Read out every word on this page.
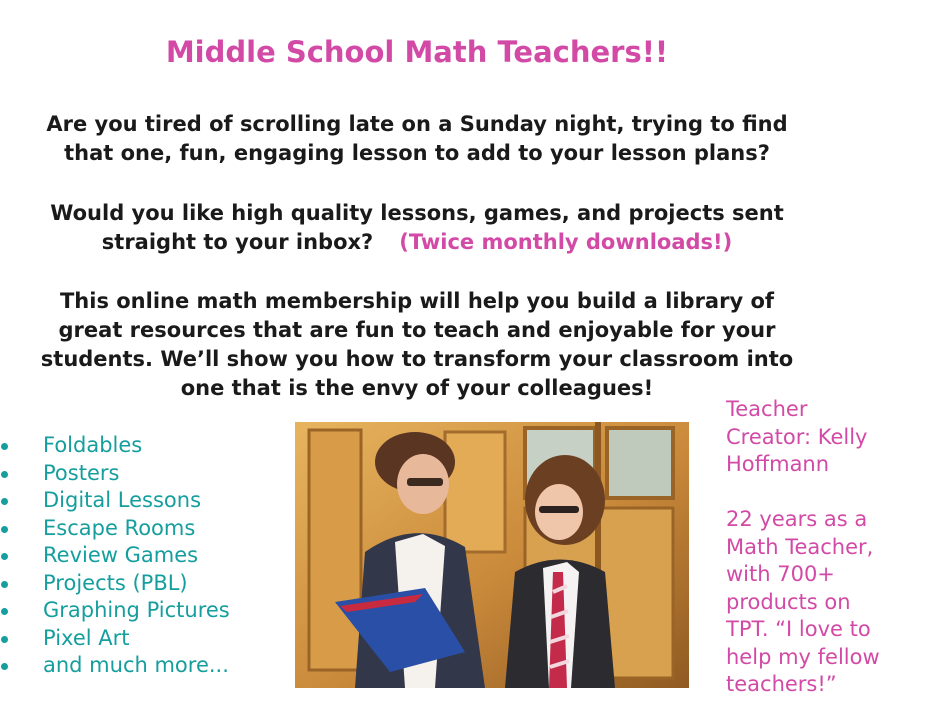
Middle School Math Teachers!!
Are you tired of scrolling late on a Sunday night, trying to find
that one, fun, engaging lesson to add to your lesson plans?
Would you like high quality lessons, games, and projects sent
straight to your inbox? (Twice monthly downloads!)
This online math membership will help you build a library of
great resources that are fun to teach and enjoyable for your
students. We’ll show you how to transform your classroom into
one that is the envy of your colleagues!
Foldables
Posters
Digital Lessons
Escape Rooms
Review Games
Projects (PBL)
Graphing Pictures
Pixel Art
and much more...
Teacher
Creator: Kelly
Hoffmann
22 years as a
Math Teacher,
with 700+
products on
TPT. “I love to
help my fellow
teachers!”
